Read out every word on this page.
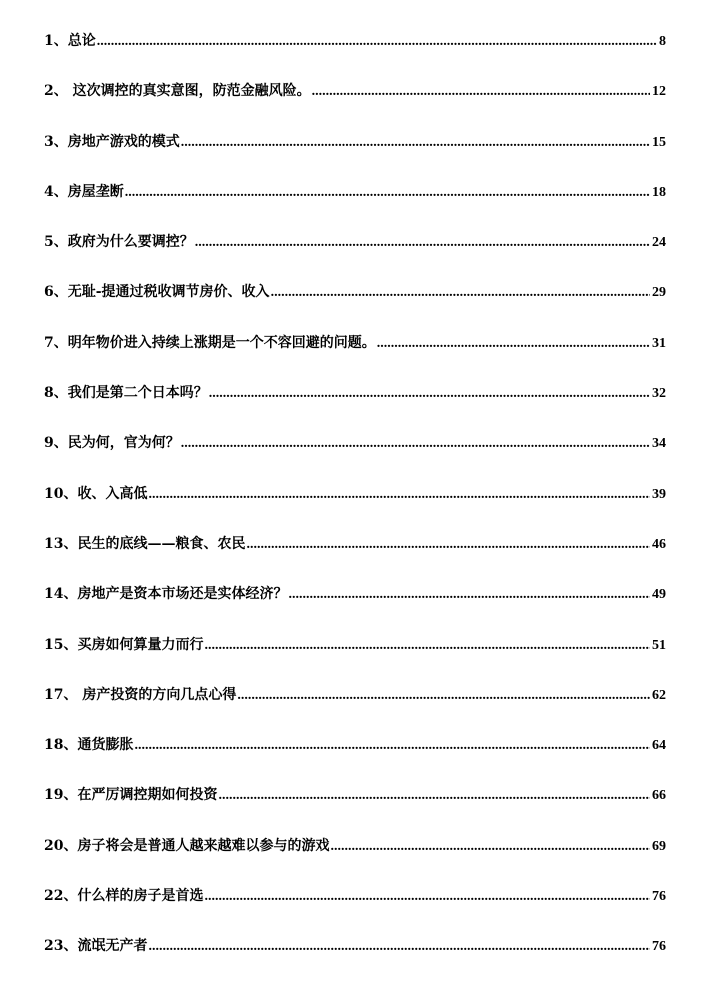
1、总论 .....	8
2、 这次调控的真实意图，防范金融风险。 .....	12
3、房地产游戏的模式 .....	15
4、房屋垄断 .....	18
5、政府为什么要调控？ .....	24
6、无耻-提通过税收调节房价、收入 .....	29
7、明年物价进入持续上涨期是一个不容回避的问题。 .....	31
8、我们是第二个日本吗？ .....	32
9、民为何，官为何？ .....	34
10、收、入高低 .....	39
13、民生的底线——粮食、农民 .....	46
14、房地产是资本市场还是实体经济？ .....	49
15、买房如何算量力而行 .....	51
17、 房产投资的方向几点心得 .....	62
18、通货膨胀 .....	64
19、在严厉调控期如何投资 .....	66
20、房子将会是普通人越来越难以参与的游戏 .....	69
22、什么样的房子是首选 .....	76
23、流氓无产者 .....	76
